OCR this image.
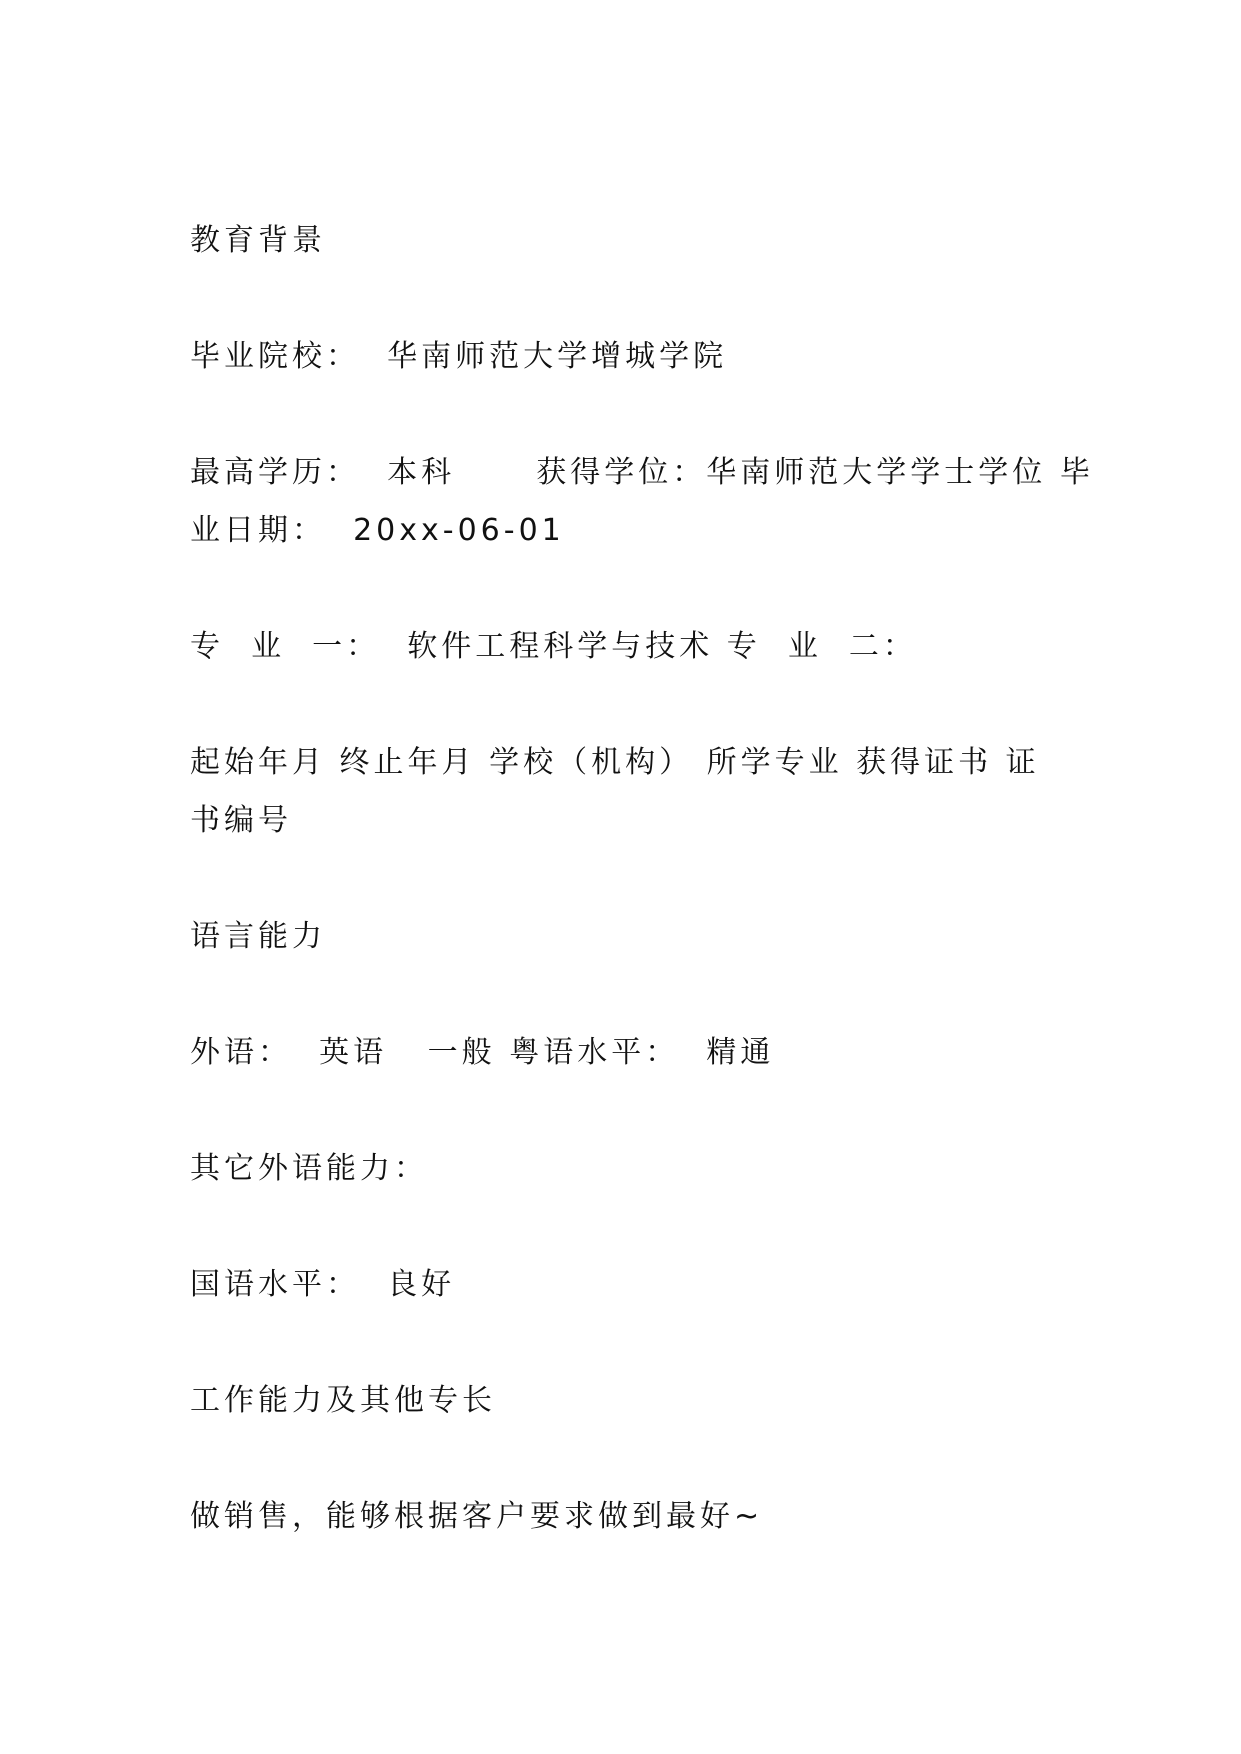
教育背景

毕业院校：  华南师范大学增城学院

最高学历：  本科      获得学位：华南师范大学学士学位 毕
业日期：  20xx-06-01

专  业  一：  软件工程科学与技术 专  业  二：

起始年月 终止年月 学校（机构） 所学专业 获得证书 证
书编号

语言能力

外语：  英语   一般 粤语水平：  精通

其它外语能力：

国语水平：  良好

工作能力及其他专长

做销售，能够根据客户要求做到最好~
